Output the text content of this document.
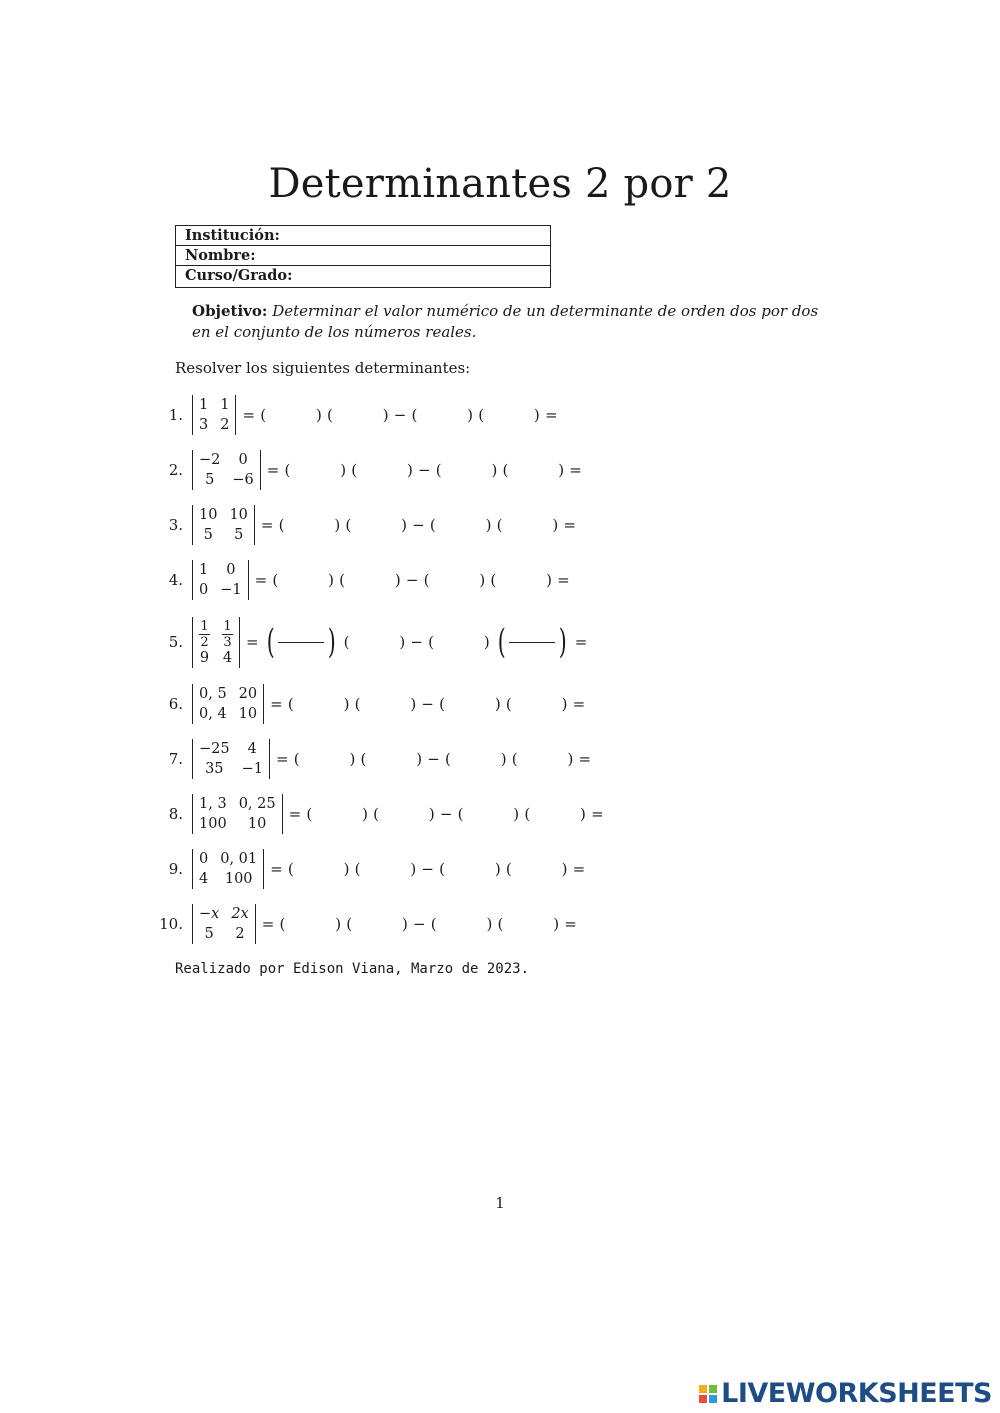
Determinantes 2 por 2
Institución:
Nombre:
Curso/Grado:
Objetivo: Determinar el valor numérico de un determinante de orden dos por dos en el conjunto de los números reales.
Resolver los siguientes determinantes:
1.
1 1
3 2
= (          ) (          ) − (          ) (          ) =
2.
−2	0
5	−6
= (          ) (          ) − (          ) (          ) =
3.
10 10
5	5
= (          ) (          ) − (          ) (          ) =
4.
1	0
0 −1
= (          ) (          ) − (          ) (          ) =
5.	$\frac{1}{2} \frac{1}{3}$
9 4
= ( ) (          ) − (          ) ( ) =
6.
0, 5 20
0, 4 10
= (          ) (          ) − (          ) (          ) =
7.
−25	4
35	−1
= (          ) (          ) − (          ) (          ) =
8.
1, 3 0, 25
100	10
= (          ) (          ) − (          ) (          ) =
9.
0 0, 01
4	100
= (          ) (          ) − (          ) (          ) =
10.
−x 2x
5	2
= (          ) (          ) − (          ) (          ) =
Realizado por Edison Viana, Marzo de 2023.
1
LIVEWORKSHEETS
